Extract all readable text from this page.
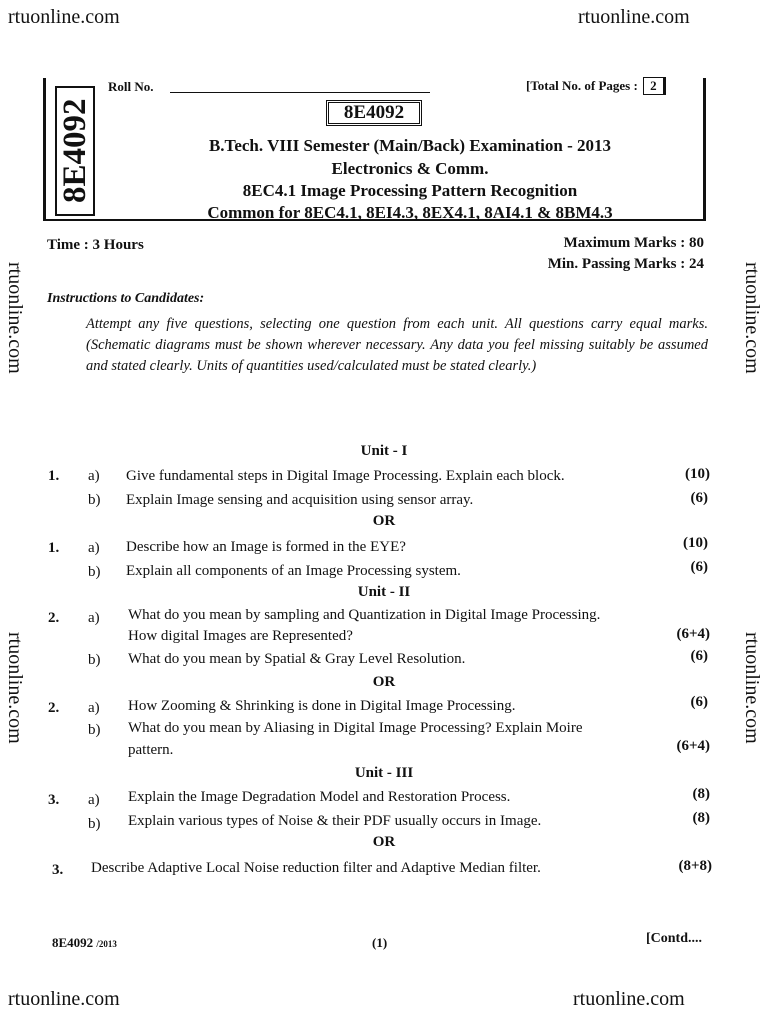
rtuonline.com	rtuonline.com
rtuonline.com	rtuonline.com
rtuonline.com
rtuonline.com
rtuonline.com
rtuonline.com
8E4092
Roll No.	[Total No. of Pages : 2
8E4092
B.Tech. VIII Semester (Main/Back) Examination - 2013
Electronics & Comm.
8EC4.1 Image Processing Pattern Recognition
Common for 8EC4.1, 8EI4.3, 8EX4.1, 8AI4.1 & 8BM4.3
Time : 3 Hours	Maximum Marks : 80
Min. Passing Marks : 24
Instructions to Candidates:
Attempt any five questions, selecting one question from each unit. All questions carry equal marks. (Schematic diagrams must be shown wherever necessary. Any data you feel missing suitably be assumed and stated clearly. Units of quantities used/calculated must be stated clearly.)
Unit - I
1. a) Give fundamental steps in Digital Image Processing. Explain each block.	(10)
b) Explain Image sensing and acquisition using sensor array.	(6)
OR
1. a) Describe how an Image is formed in the EYE?	(10)
b) Explain all components of an Image Processing system.	(6)
Unit - II
2. a) What do you mean by sampling and Quantization in Digital Image Processing.
How digital Images are Represented?	(6+4)
b) What do you mean by Spatial & Gray Level Resolution.	(6)
OR
2. a) How Zooming & Shrinking is done in Digital Image Processing.	(6)
b) What do you mean by Aliasing in Digital Image Processing? Explain Moire
pattern.	(6+4)
Unit - III
3. a) Explain the Image Degradation Model and Restoration Process.	(8)
b) Explain various types of Noise & their PDF usually occurs in Image.	(8)
OR
3. Describe Adaptive Local Noise reduction filter and Adaptive Median filter.	(8+8)
8E4092 /2013	(1)	[Contd....
